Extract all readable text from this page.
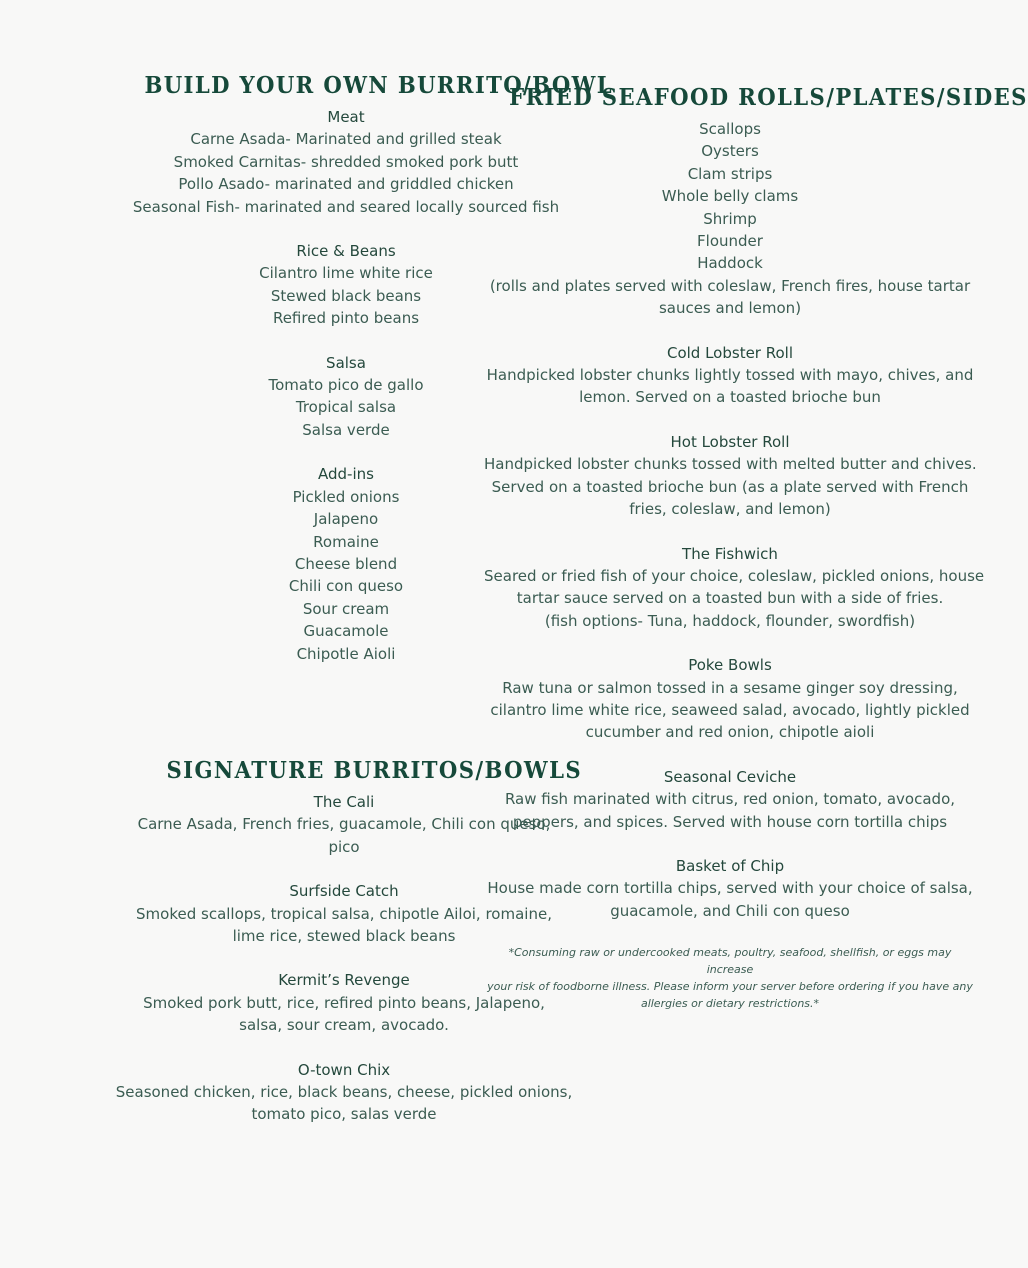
BUILD YOUR OWN BURRITO/BOWL
Meat
Carne Asada- Marinated and grilled steak
Smoked Carnitas- shredded smoked pork butt
Pollo Asado- marinated and griddled chicken
Seasonal Fish- marinated and seared locally sourced fish
Rice & Beans
Cilantro lime white rice
Stewed black beans
Refired pinto beans
Salsa
Tomato pico de gallo
Tropical salsa
Salsa verde
Add-ins
Pickled onions
Jalapeno
Romaine
Cheese blend
Chili con queso
Sour cream
Guacamole
Chipotle Aioli
SIGNATURE BURRITOS/BOWLS
The Cali
Carne Asada, French fries, guacamole, Chili con queso,
pico
Surfside Catch
Smoked scallops, tropical salsa, chipotle Ailoi, romaine,
lime rice, stewed black beans
Kermit’s Revenge
Smoked pork butt, rice, refired pinto beans, Jalapeno,
salsa, sour cream, avocado.
O-town Chix
Seasoned chicken, rice, black beans, cheese, pickled onions,
tomato pico, salas verde
FRIED SEAFOOD ROLLS/PLATES/SIDES
Scallops
Oysters
Clam strips
Whole belly clams
Shrimp
Flounder
Haddock
(rolls and plates served with coleslaw, French fires, house tartar
sauces and lemon)
Cold Lobster Roll
Handpicked lobster chunks lightly tossed with mayo, chives, and
lemon. Served on a toasted brioche bun
Hot Lobster Roll
Handpicked lobster chunks tossed with melted butter and chives.
Served on a toasted brioche bun (as a plate served with French
fries, coleslaw, and lemon)
The Fishwich
Seared or fried fish of your choice, coleslaw, pickled onions, house
tartar sauce served on a toasted bun with a side of fries.
(fish options- Tuna, haddock, flounder, swordfish)
Poke Bowls
Raw tuna or salmon tossed in a sesame ginger soy dressing,
cilantro lime white rice, seaweed salad, avocado, lightly pickled
cucumber and red onion, chipotle aioli
Seasonal Ceviche
Raw fish marinated with citrus, red onion, tomato, avocado,
peppers, and spices. Served with house corn tortilla chips
Basket of Chip
House made corn tortilla chips, served with your choice of salsa,
guacamole, and Chili con queso
*Consuming raw or undercooked meats, poultry, seafood, shellfish, or eggs may increase
your risk of foodborne illness. Please inform your server before ordering if you have any
allergies or dietary restrictions.*
